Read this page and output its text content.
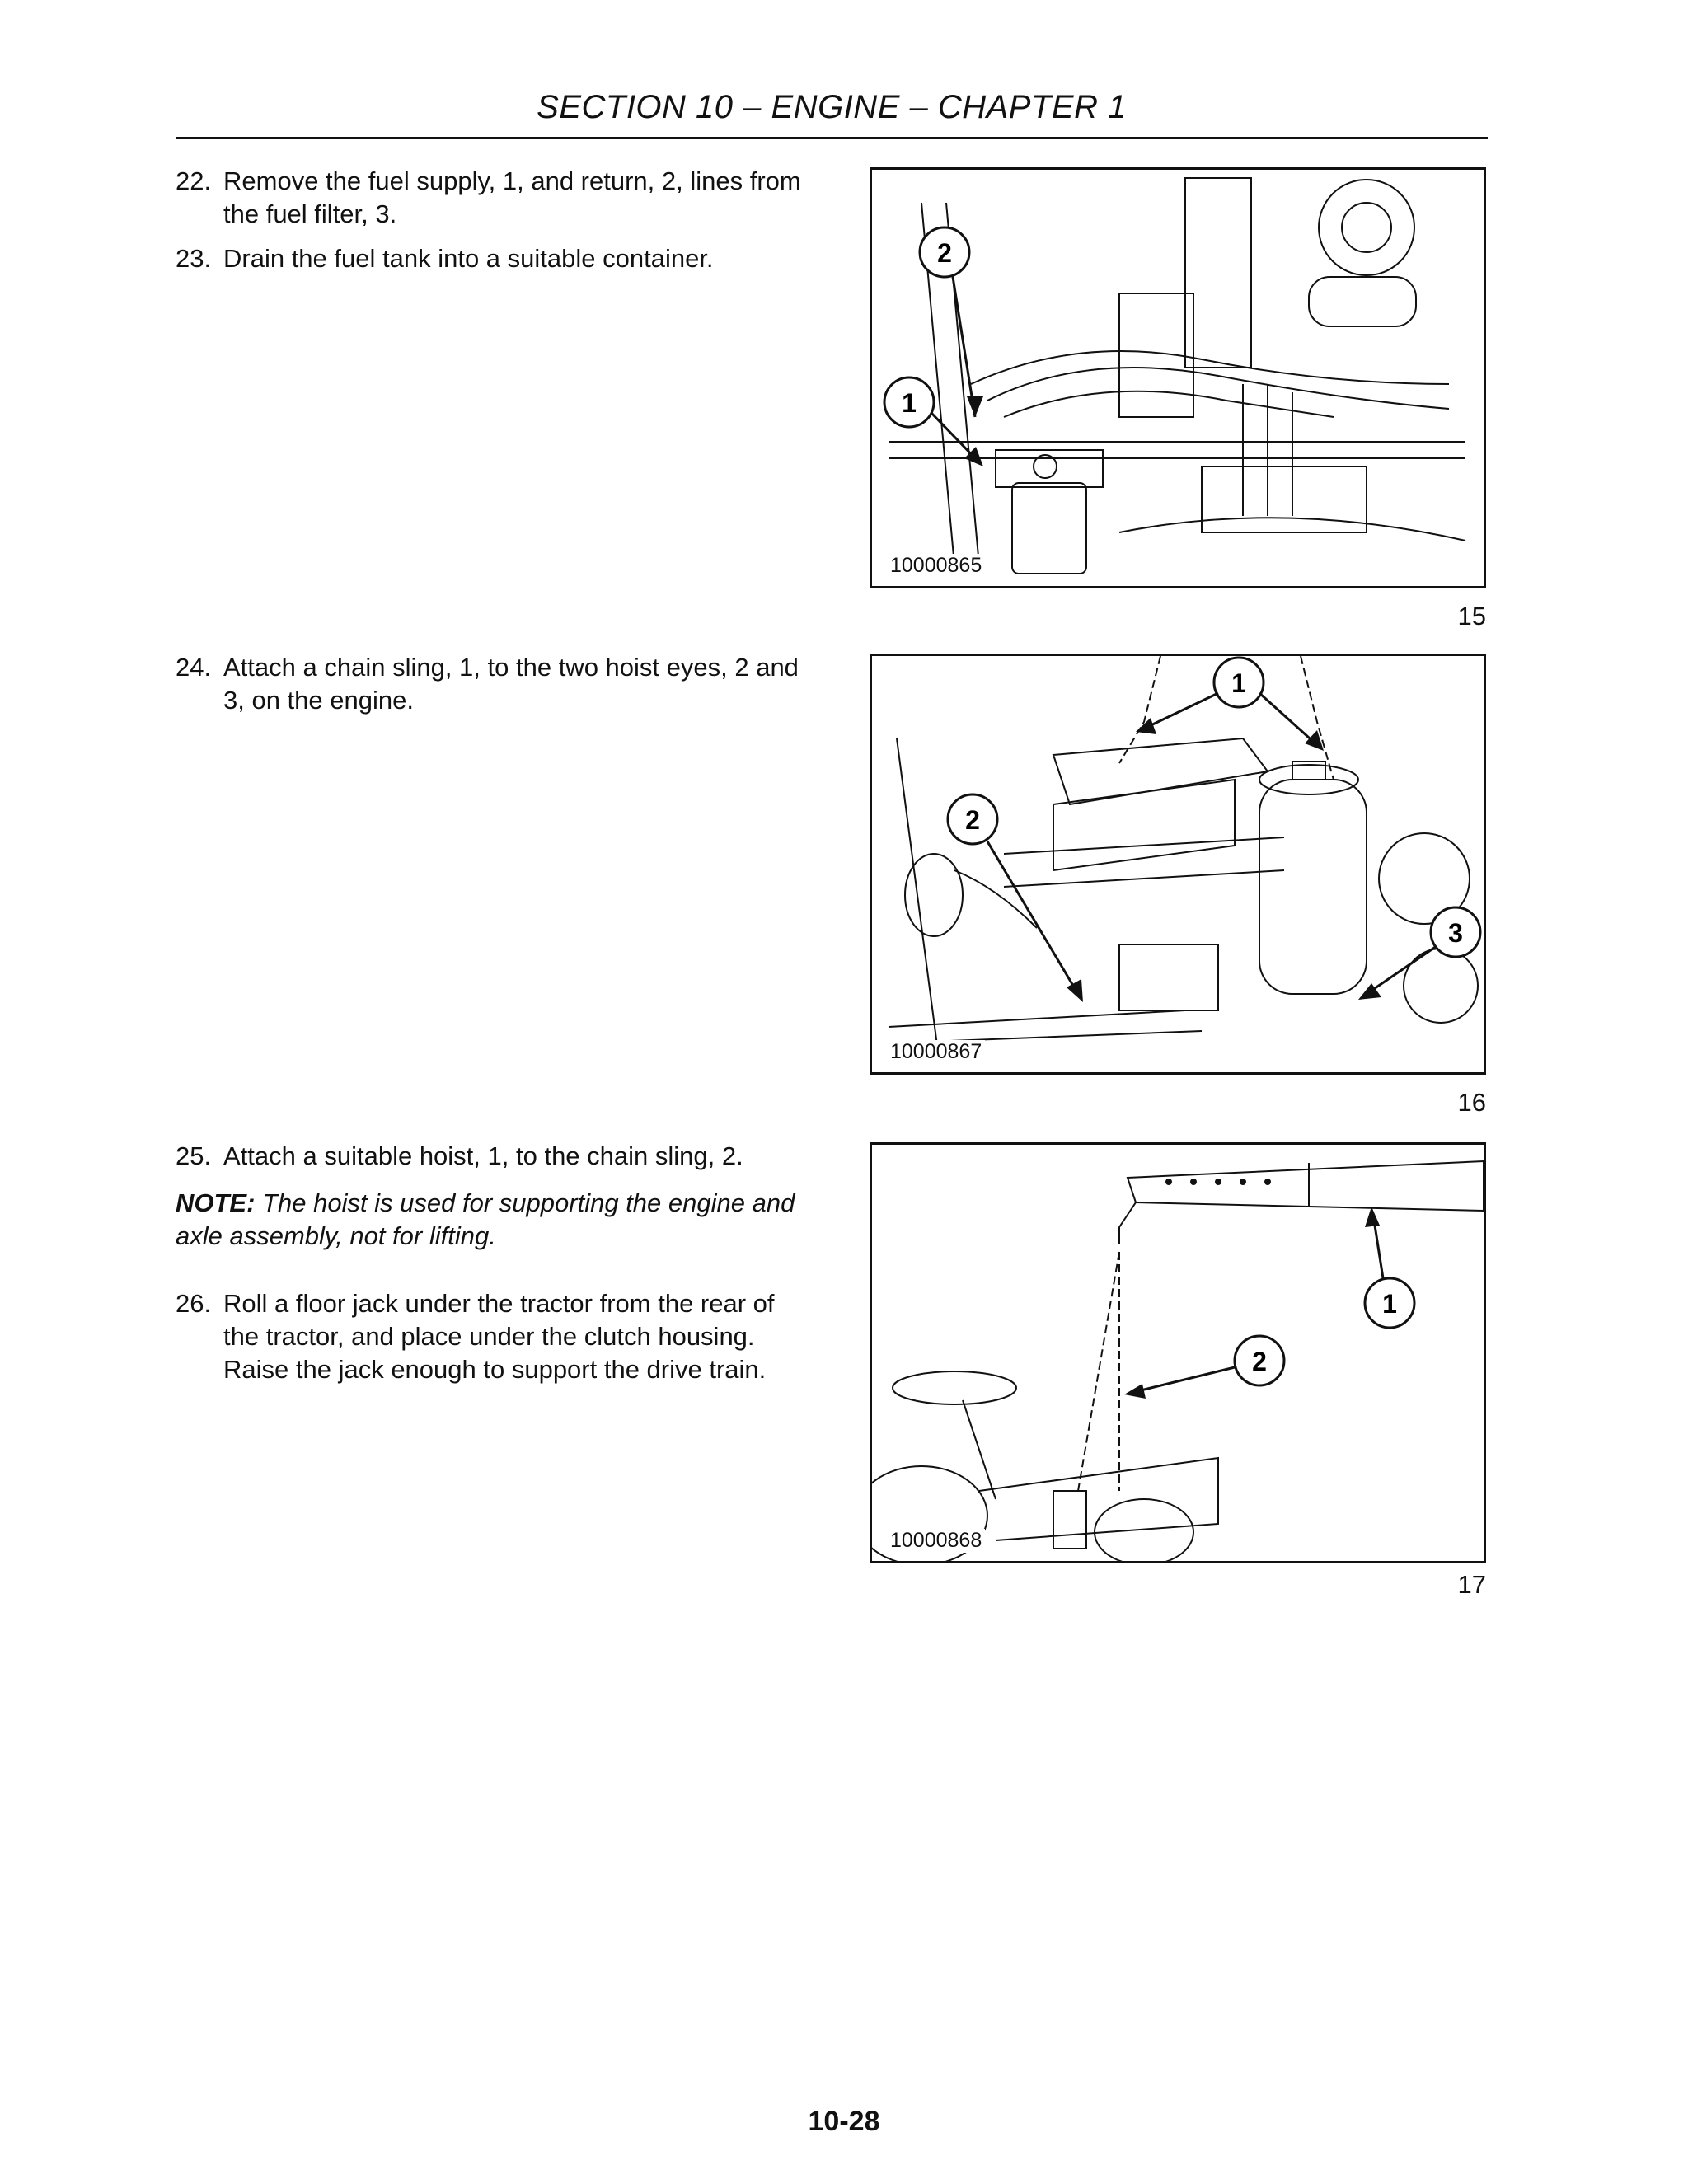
SECTION 10 – ENGINE – CHAPTER 1
22. Remove the fuel supply, 1, and return, 2, lines from the fuel filter, 3.
23. Drain the fuel tank into a suitable container.
24. Attach a chain sling, 1, to the two hoist eyes, 2 and 3, on the engine.
25. Attach a suitable hoist, 1, to the chain sling, 2.
NOTE: The hoist is used for supporting the engine and axle assembly, not for lifting.
26. Roll a floor jack under the tractor from the rear of the tractor, and place under the clutch housing. Raise the jack enough to support the drive train.
2
1
10000865
15
1
2
3
10000867
16
1
2
10000868
17
10-28
